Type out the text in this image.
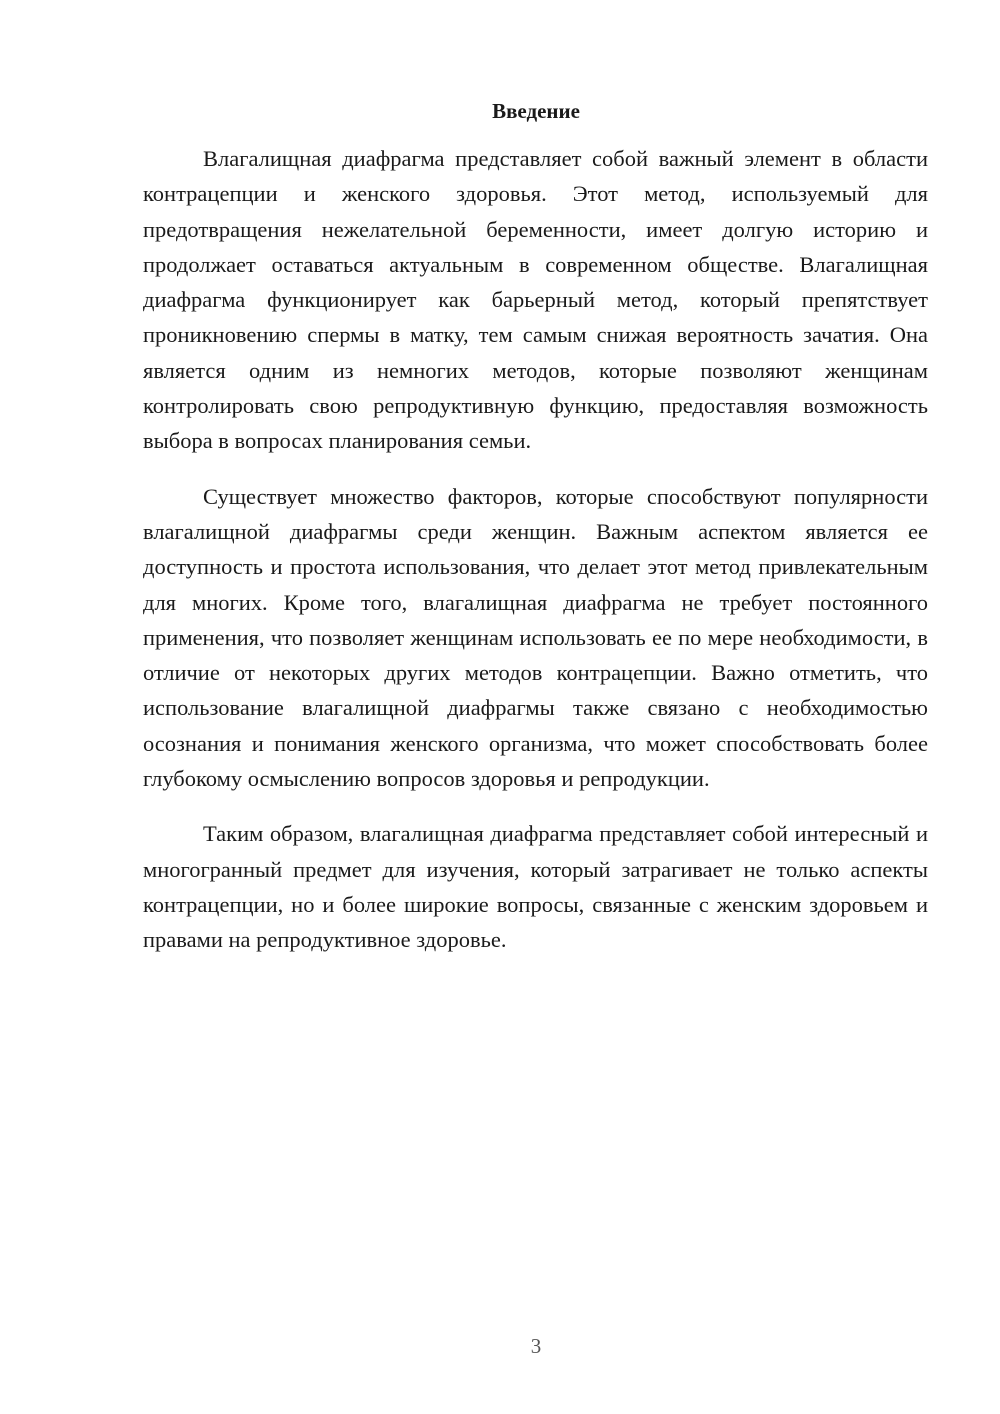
Введение

Влагалищная диафрагма представляет собой важный элемент в области контрацепции и женского здоровья. Этот метод, используемый для предотвращения нежелательной беременности, имеет долгую историю и продолжает оставаться актуальным в современном обществе. Влагалищная диафрагма функционирует как барьерный метод, который препятствует проникновению спермы в матку, тем самым снижая вероятность зачатия. Она является одним из немногих методов, которые позволяют женщинам контролировать свою репродуктивную функцию, предоставляя возможность выбора в вопросах планирования семьи.

Существует множество факторов, которые способствуют популярности влагалищной диафрагмы среди женщин. Важным аспектом является ее доступность и простота использования, что делает этот метод привлекательным для многих. Кроме того, влагалищная диафрагма не требует постоянного применения, что позволяет женщинам использовать ее по мере необходимости, в отличие от некоторых других методов контрацепции. Важно отметить, что использование влагалищной диафрагмы также связано с необходимостью осознания и понимания женского организма, что может способствовать более глубокому осмыслению вопросов здоровья и репродукции.

Таким образом, влагалищная диафрагма представляет собой интересный и многогранный предмет для изучения, который затрагивает не только аспекты контрацепции, но и более широкие вопросы, связанные с женским здоровьем и правами на репродуктивное здоровье.

3
